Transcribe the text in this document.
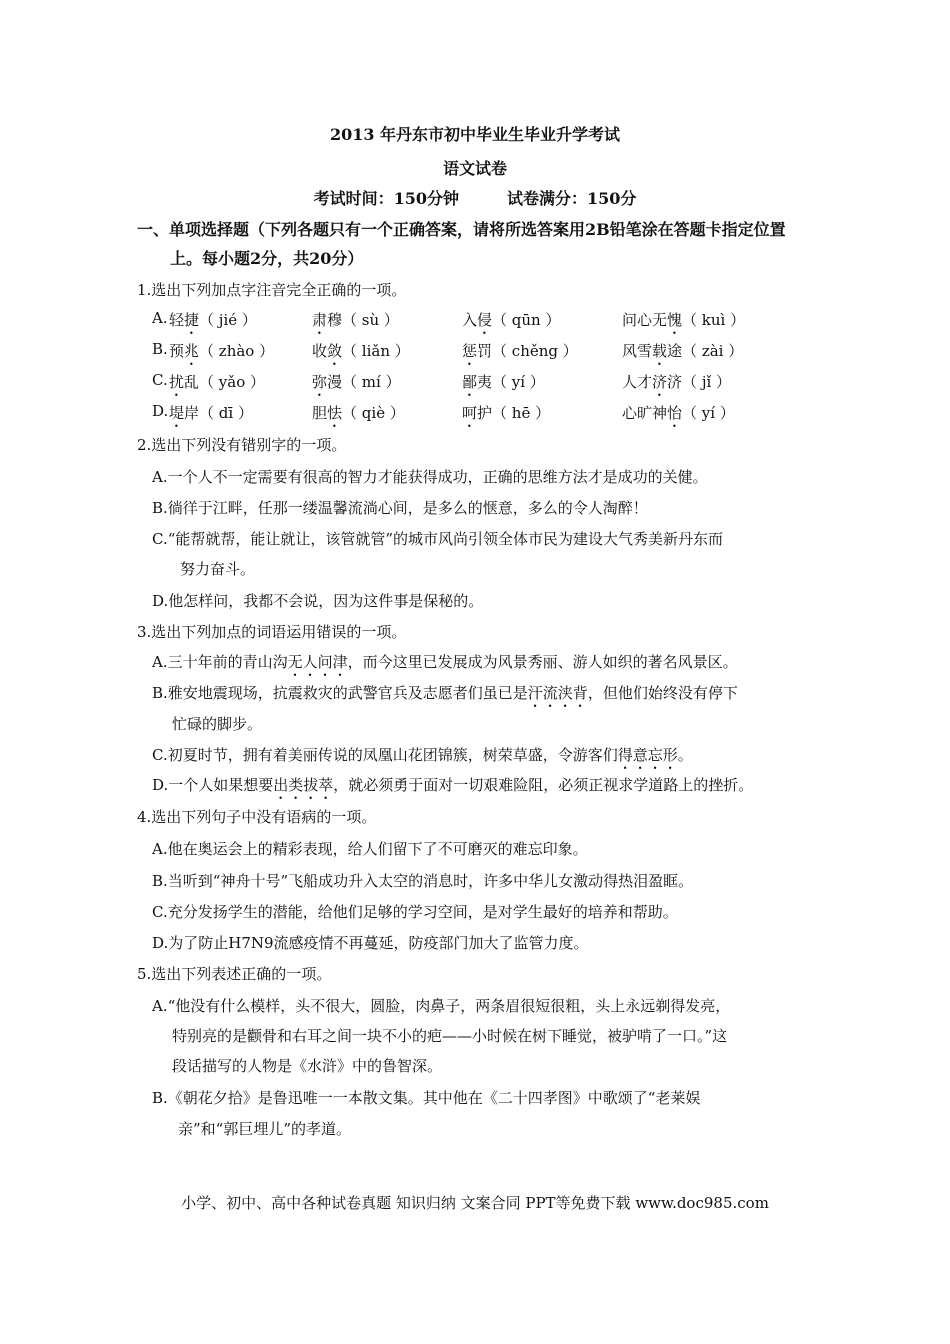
2013 年丹东市初中毕业生毕业升学考试
语文试卷
考试时间：150分钟	试卷满分：150分
一、单项选择题（下列各题只有一个正确答案，请将所选答案用2B铅笔涂在答题卡指定位置
上。每小题2分，共20分）
1.选出下列加点字注音完全正确的一项。
A. 轻捷（ jié ）	肃穆（ sù ）	入侵（ qūn ）	问心无愧（ kuì ）
B. 预兆（ zhào ）	收敛（ liǎn ）	惩罚（ chěng ）	风雪载途（ zài ）
C. 扰乱（ yǎo ）	弥漫（ mí ）	鄙夷（ yí ）	人才济济（ jǐ ）
D. 堤岸（ dī ）	胆怯（ qiè ）	呵护（ hē ）	心旷神怡（ yí ）
2.选出下列没有错别字的一项。
A.一个人不一定需要有很高的智力才能获得成功，正确的思维方法才是成功的关健。
B.徜徉于江畔，任那一缕温馨流淌心间，是多么的惬意，多么的令人淘醉！
C.“能帮就帮，能让就让，该管就管”的城市风尚引领全体市民为建设大气秀美新丹东而
努力奋斗。
D.他怎样问，我都不会说，因为这件事是保秘的。
3.选出下列加点的词语运用错误的一项。
A.三十年前的青山沟无人问津，而今这里已发展成为风景秀丽、游人如织的著名风景区。
B.雅安地震现场，抗震救灾的武警官兵及志愿者们虽已是汗流浃背，但他们始终没有停下
忙碌的脚步。
C.初夏时节，拥有着美丽传说的凤凰山花团锦簇，树荣草盛，令游客们得意忘形。
D.一个人如果想要出类拔萃，就必须勇于面对一切艰难险阻，必须正视求学道路上的挫折。
4.选出下列句子中没有语病的一项。
A.他在奥运会上的精彩表现，给人们留下了不可磨灭的难忘印象。
B.当听到“神舟十号”飞船成功升入太空的消息时，许多中华儿女激动得热泪盈眶。
C.充分发扬学生的潜能，给他们足够的学习空间，是对学生最好的培养和帮助。
D.为了防止H7N9流感疫情不再蔓延，防疫部门加大了监管力度。
5.选出下列表述正确的一项。
A.“他没有什么模样，头不很大，圆脸，肉鼻子，两条眉很短很粗，头上永远剃得发亮，
特别亮的是颧骨和右耳之间一块不小的疤——小时候在树下睡觉，被驴啃了一口。”这
段话描写的人物是《水浒》中的鲁智深。
B.《朝花夕拾》是鲁迅唯一一本散文集。其中他在《二十四孝图》中歌颂了“老莱娱
亲”和“郭巨埋儿”的孝道。
小学、初中、高中各种试卷真题 知识归纳 文案合同 PPT等免费下载 www.doc985.com
